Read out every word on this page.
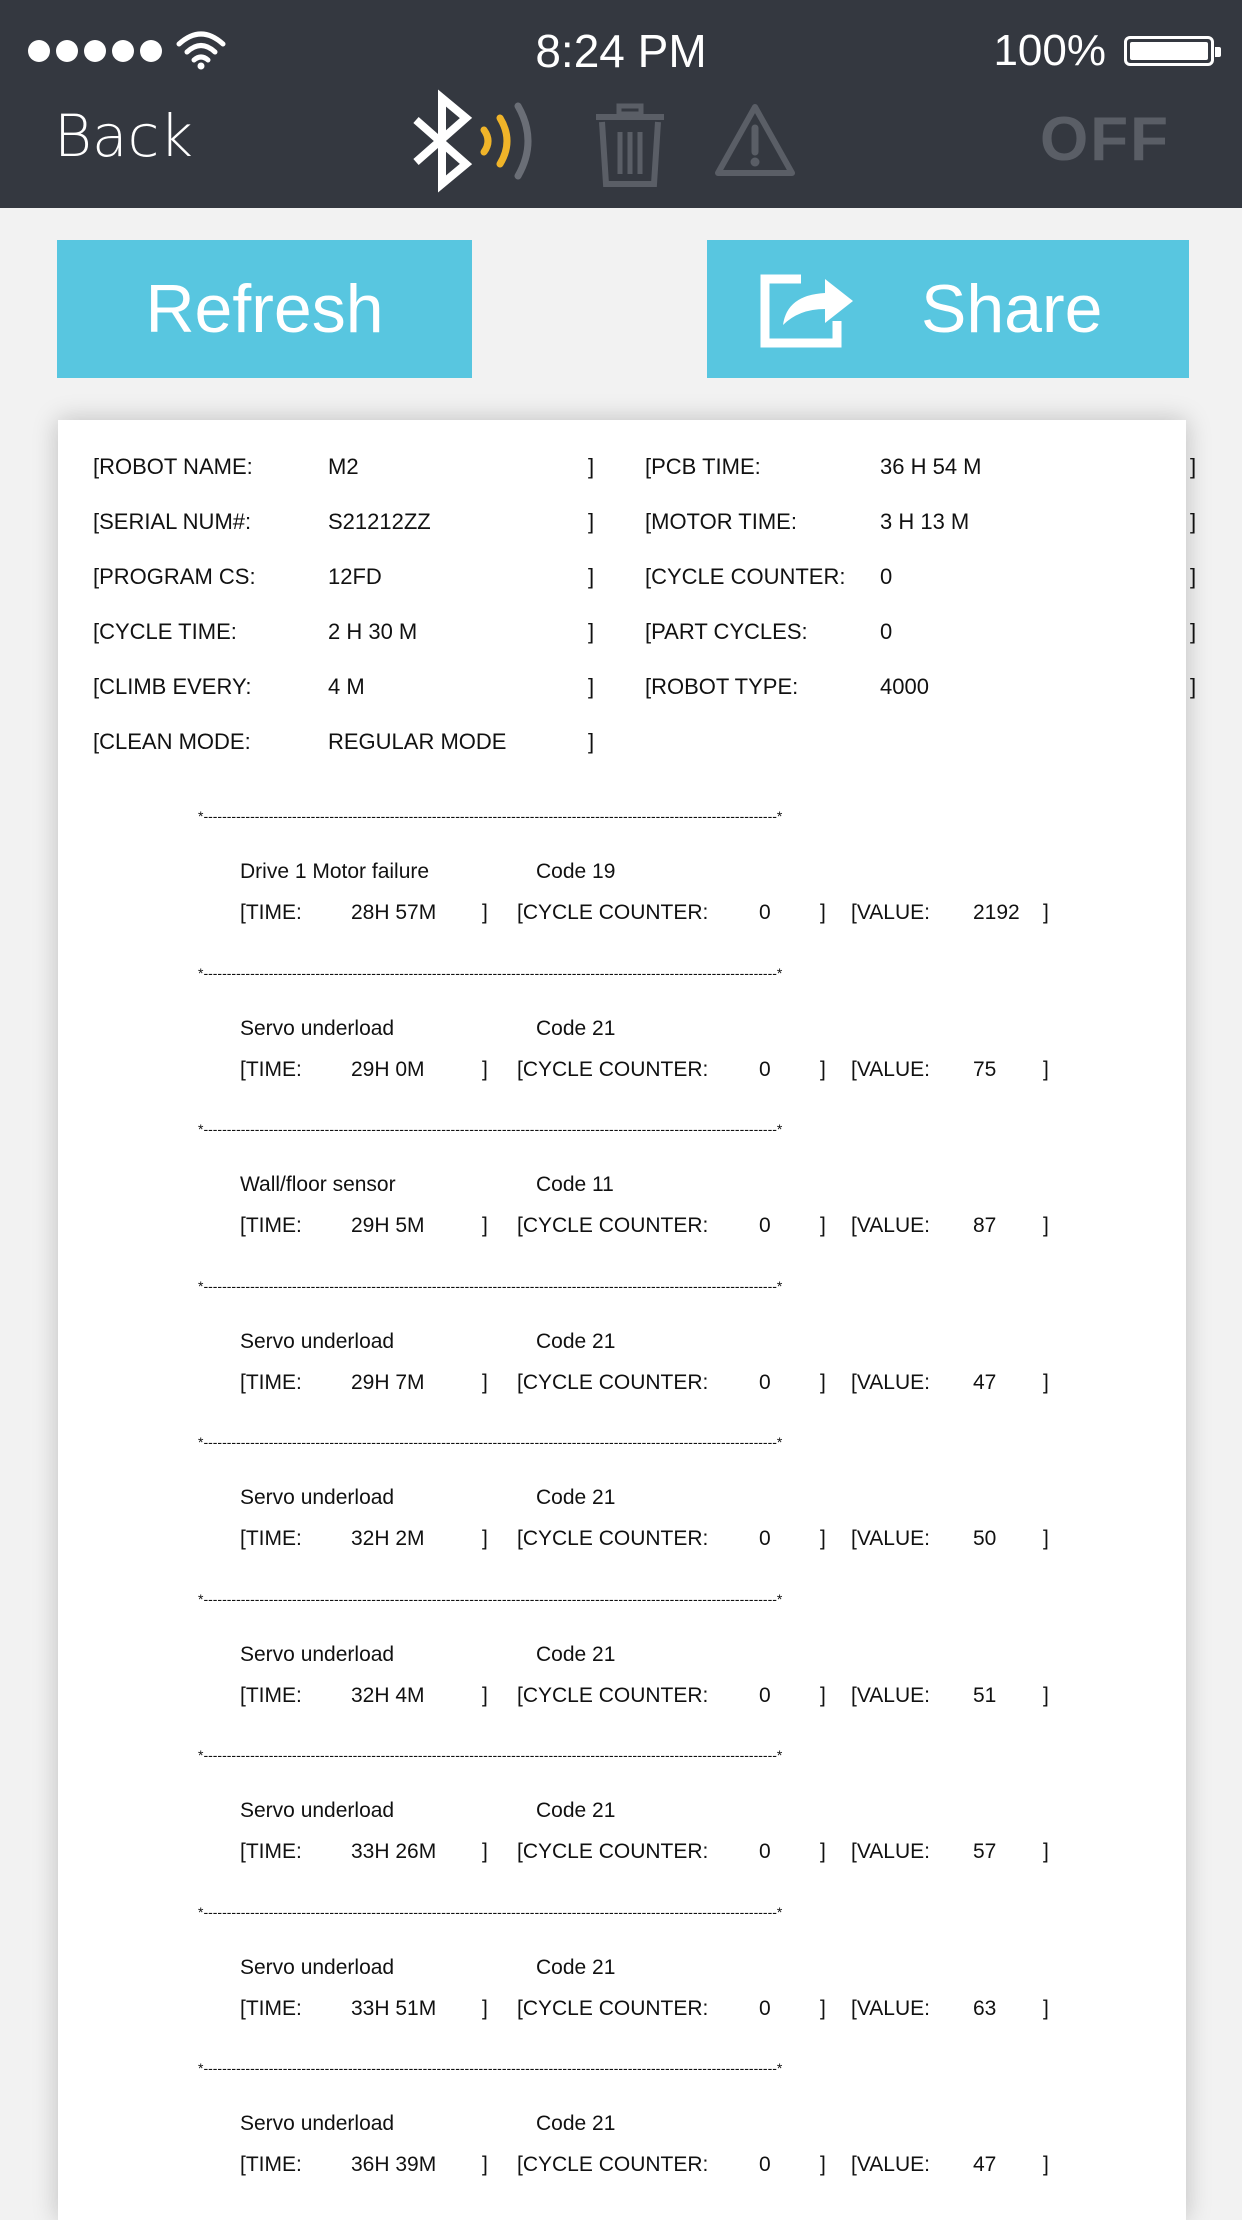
8:24 PM	100%
Back	OFF
Refresh	Share
[ROBOT NAME:	M2	]
[SERIAL NUM#:	S21212ZZ	]
[PROGRAM CS:	12FD	]
[CYCLE TIME:	2 H 30 M	]
[CLIMB EVERY:	4 M	]
[CLEAN MODE:	REGULAR MODE	]
[PCB TIME:	36 H 54 M	]
[MOTOR TIME:	3 H 13 M	]
[CYCLE COUNTER: 0	]
[PART CYCLES:	0	]
[ROBOT TYPE:	4000	]
*---------------------------------------------------------------------------------------------------------------------------*
Drive 1 Motor failure	Code 19
[TIME: 28H 57M ] [CYCLE COUNTER: 0 ] [VALUE: 2192 ]
*---------------------------------------------------------------------------------------------------------------------------*
Servo underload	Code 21
[TIME: 29H 0M	] [CYCLE COUNTER: 0 ] [VALUE: 75 ]
*---------------------------------------------------------------------------------------------------------------------------*
Wall/floor sensor	Code 11
[TIME: 29H 5M	] [CYCLE COUNTER: 0 ] [VALUE: 87 ]
*---------------------------------------------------------------------------------------------------------------------------*
Servo underload	Code 21
[TIME: 29H 7M	] [CYCLE COUNTER: 0 ] [VALUE: 47 ]
*---------------------------------------------------------------------------------------------------------------------------*
Servo underload	Code 21
[TIME: 32H 2M	] [CYCLE COUNTER: 0 ] [VALUE: 50 ]
*---------------------------------------------------------------------------------------------------------------------------*
Servo underload	Code 21
[TIME: 32H 4M	] [CYCLE COUNTER: 0 ] [VALUE: 51 ]
*---------------------------------------------------------------------------------------------------------------------------*
Servo underload	Code 21
[TIME: 33H 26M ] [CYCLE COUNTER: 0 ] [VALUE: 57 ]
*---------------------------------------------------------------------------------------------------------------------------*
Servo underload	Code 21
[TIME: 33H 51M ] [CYCLE COUNTER: 0 ] [VALUE: 63 ]
*---------------------------------------------------------------------------------------------------------------------------*
Servo underload	Code 21
[TIME: 36H 39M ] [CYCLE COUNTER: 0 ] [VALUE: 47 ]
